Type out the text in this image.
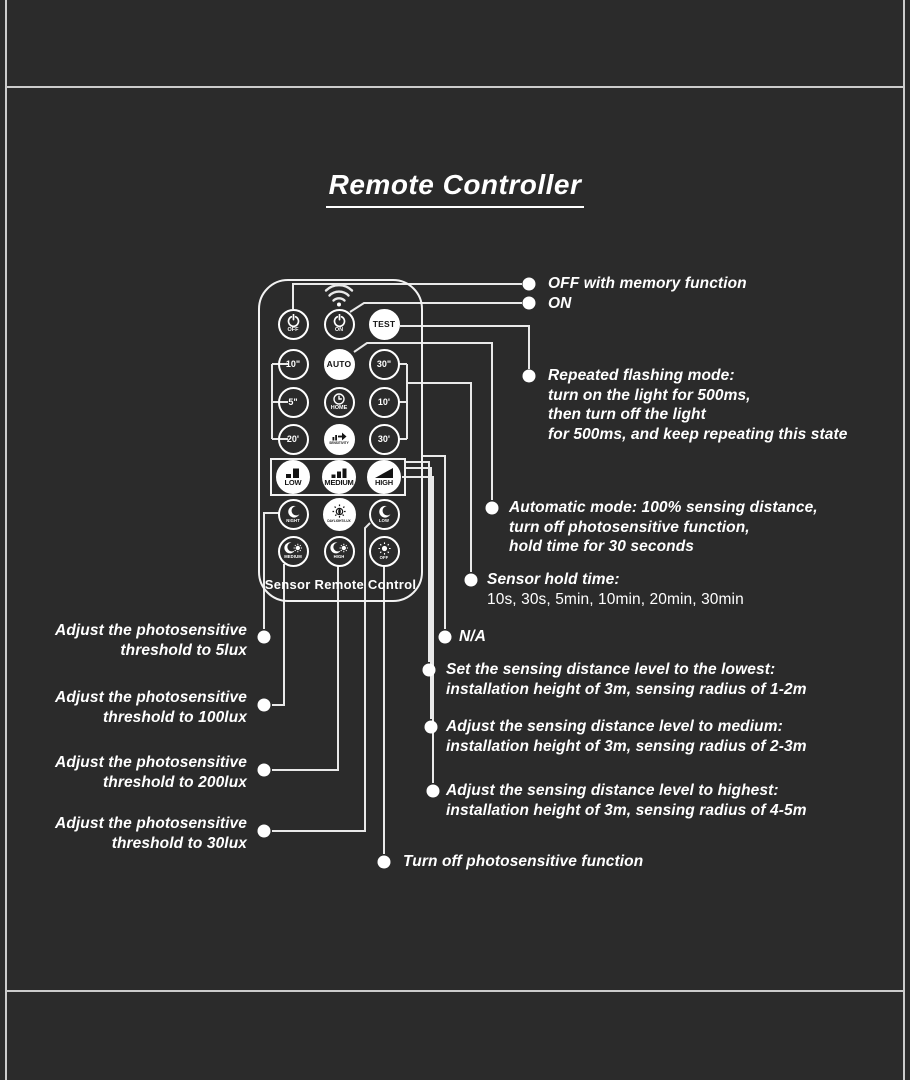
Remote Controller
Sensor Remote Control
OFF	ON
TEST
10"	AUTO	30"
5"
HOME
10'
20'	SENSITIVITY	30'
LOW	MEDIUM	HIGH
NIGHT	DAYLIGHT/LUX	LOW
MEDIUM	HIGH	OFF
OFF with memory function
ON
Repeated flashing mode:
turn on the light for 500ms,
then turn off the light
for 500ms, and keep repeating this state
Automatic mode: 100% sensing distance,
turn off photosensitive function,
hold time for 30 seconds
Sensor hold time:
10s, 30s, 5min, 10min, 20min, 30min
N/A
Set the sensing distance level to the lowest:
installation height of 3m, sensing radius of 1-2m
Adjust the sensing distance level to medium:
installation height of 3m, sensing radius of 2-3m
Adjust the sensing distance level to highest:
installation height of 3m, sensing radius of 4-5m
Adjust the photosensitive
threshold to 5lux
Adjust the photosensitive
threshold to 100lux
Adjust the photosensitive
threshold to 200lux
Adjust the photosensitive
threshold to 30lux
Turn off photosensitive function
